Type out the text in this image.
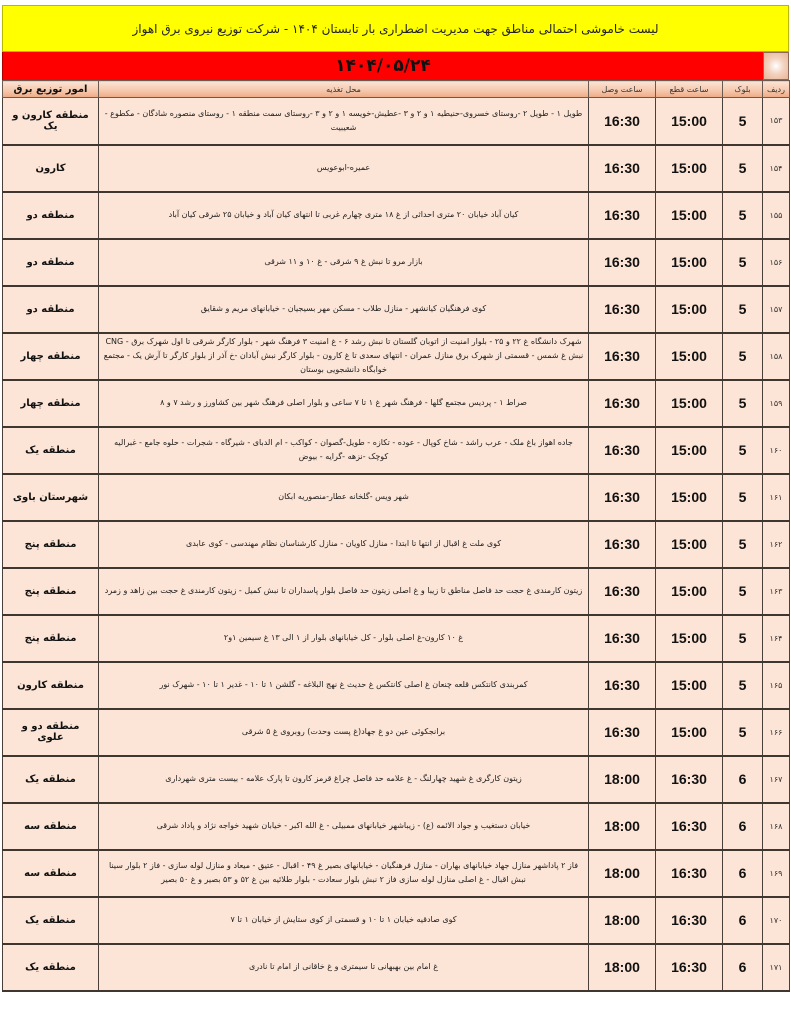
لیست خاموشی احتمالی مناطق جهت مدیریت اضطراری بار تابستان ۱۴۰۴ - شرکت توزیع نیروی برق اهواز
۱۴۰۴/۰۵/۲۴
امور توزیع برق	محل تغذیه	ساعت وصل	ساعت قطع	بلوک	ردیف
منطقه کارون و یک	طویل ۱ - طویل ۲ -روستای خسروی-حنیطیه ۱ و ۲ و ۳ -عطیش-خویسه ۱ و ۲ و ۳ -روستای سمت منطقه ۱ - روستای منصوره شادگان - مکطوع - شعیبیت	16:30	15:00	5	۱۵۳
کارون	عمیره-ابوعویس	16:30	15:00	5	۱۵۴
منطقه دو	کیان آباد خیابان ۲۰ متری احداثی از غ ۱۸ متری چهارم غربی تا انتهای کیان آباد و خیابان ۲۵ شرقی کیان آباد	16:30	15:00	5	۱۵۵
منطقه دو	بازار مرو تا نبش غ ۹ شرقی - غ ۱۰ و ۱۱ شرقی	16:30	15:00	5	۱۵۶
منطقه دو	کوی فرهنگیان کیانشهر - منازل طلاب - مسکن مهر بسیجیان - خیابانهای مریم و شقایق	16:30	15:00	5	۱۵۷
منطقه چهار	شهرک دانشگاه غ ۲۲ و ۲۵ - بلوار امنیت از اتوبان گلستان تا نبش رشد ۶ - غ امنیت ۳ فرهنگ شهر - بلوار کارگر شرقی تا اول شهرک برق - CNG نبش غ شمس - قسمتی از شهرک برق منازل عمران - انتهای سعدی تا غ کارون - بلوار کارگر نبش آبادان -خ آذر از بلوار کارگر تا آرش یک - مجتمع خوابگاه دانشجویی بوستان	16:30	15:00	5	۱۵۸
منطقه چهار	صراط ۱ - پردیس مجتمع گلها - فرهنگ شهر غ ۱ تا ۷ ساعی و بلوار اصلی فرهنگ شهر بین کشاورز و رشد ۷ و ۸	16:30	15:00	5	۱۵۹
منطقه یک	جاده اهواز باغ ملک - عرب راشد - شاخ کوپال - عوده - تکازه - طویل-گصوان - کواکب - ام الدبای - شیرگاه - شجرات - حلوه جامع - غبرالیه کوچک -نزهه -گرایه - بیوض	16:30	15:00	5	۱۶۰
شهرستان باوی	شهر ویس -گلخانه عطار-منصوریه ابکان	16:30	15:00	5	۱۶۱
منطقه پنج	کوی ملت غ اقبال از انتها تا ابتدا - منازل کاویان - منازل کارشناسان نظام مهندسی - کوی عابدی	16:30	15:00	5	۱۶۲
منطقه پنج	زیتون کارمندی غ حجت حد فاصل مناطق تا زیبا و غ اصلی زیتون حد فاصل بلوار پاسداران تا نبش کمیل - زیتون کارمندی غ حجت بین زاهد و زمرد	16:30	15:00	5	۱۶۳
منطقه پنج	غ ۱۰ کارون-غ اصلی بلوار - کل خیابانهای بلوار از ۱ الی ۱۳ غ سیمین ۱و۲	16:30	15:00	5	۱۶۴
منطقه کارون	کمربندی کانتکس قلعه چنعان غ اصلی کانتکس غ حدیث غ نهج البلاغه - گلشن ۱ تا ۱۰ - غدیر ۱ تا ۱۰ - شهرک نور	16:30	15:00	5	۱۶۵
منطقه دو و علوی	برانجکوئی عین دو غ جهاد(غ پست وحدت) روبروی غ ۵ شرقی	16:30	15:00	5	۱۶۶
منطقه یک	زیتون کارگری غ شهید چهارلنگ - غ علامه حد فاصل چراغ قرمز کارون تا پارک علامه - بیست متری شهرداری	18:00	16:30	6	۱۶۷
منطقه سه	خیابان دستغیب و جواد الائمه (ع) - زیباشهر خیابانهای ممبیلی - غ الله اکبر - خیابان شهید خواجه نژاد و پاداد شرقی	18:00	16:30	6	۱۶۸
منطقه سه	فاز ۲ پاداشهر منازل جهاد خیابانهای بهاران - منازل فرهنگیان - خیابانهای بصیر غ ۴۹ - اقبال - عتیق - میعاد و منازل لوله سازی - فاز ۲ بلوار سینا نبش اقبال - غ اصلی منازل لوله سازی فاز ۲ نبش بلوار سعادت - بلوار طلائیه بین غ ۵۲ و ۵۳ بصیر و غ ۵۰ بصیر	18:00	16:30	6	۱۶۹
منطقه یک	کوی صادقیه خیابان ۱ تا ۱۰ و قسمتی از کوی ستایش از خیابان ۱ تا ۷	18:00	16:30	6	۱۷۰
منطقه یک	غ امام بین بهبهانی تا سیمتری و غ خاقانی از امام تا نادری	18:00	16:30	6	۱۷۱
